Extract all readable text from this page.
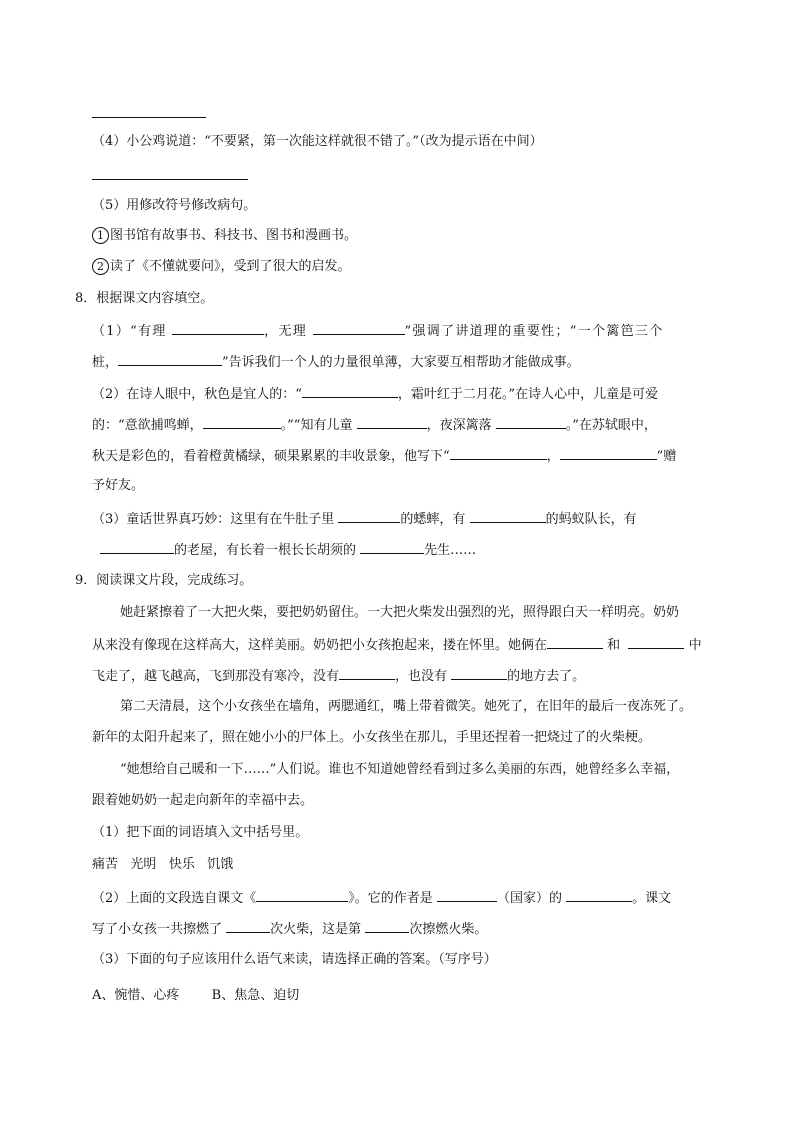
（4）小公鸡说道：“不要紧，第一次能这样就很不错了。”（改为提示语在中间）
（5）用修改符号修改病句。
1 图书馆有故事书、科技书、图书和漫画书。
2 读了《不懂就要问》，受到了很大的启发。
8．根据课文内容填空。
（1）“有理	，无理	”强调了讲道理的重要性；“一个篱笆三个
桩，	”告诉我们一个人的力量很单薄，大家要互相帮助才能做成事。
（2）在诗人眼中，秋色是宜人的：“	，霜叶红于二月花。”在诗人心中，儿童是可爱
的：“意欲捕鸣蝉，	。”“知有儿童	，夜深篱落	。”在苏轼眼中，
秋天是彩色的，看着橙黄橘绿，硕果累累的丰收景象，他写下“	，	”赠
予好友。
（3）童话世界真巧妙：这里有在牛肚子里	的蟋蟀，有	的蚂蚁队长，有
的老屋，有长着一根长长胡须的	先生……
9．阅读课文片段，完成练习。
她赶紧擦着了一大把火柴，要把奶奶留住。一大把火柴发出强烈的光，照得跟白天一样明亮。奶奶
从来没有像现在这样高大，这样美丽。奶奶把小女孩抱起来，搂在怀里。她俩在	和	中
飞走了，越飞越高，飞到那没有寒冷，没有	，也没有	的地方去了。
第二天清晨，这个小女孩坐在墙角，两腮通红，嘴上带着微笑。她死了，在旧年的最后一夜冻死了。
新年的太阳升起来了，照在她小小的尸体上。小女孩坐在那儿，手里还捏着一把烧过了的火柴梗。
“她想给自己暖和一下……”人们说。谁也不知道她曾经看到过多么美丽的东西，她曾经多么幸福，
跟着她奶奶一起走向新年的幸福中去。
（1）把下面的词语填入文中括号里。
痛苦 光明 快乐 饥饿
（2）上面的文段选自课文《	》。它的作者是	（国家）的	。课文
写了小女孩一共擦燃了	次火柴，这是第	次擦燃火柴。
（3）下面的句子应该用什么语气来读，请选择正确的答案。（写序号）
A、惋惜、心疼 B、焦急、迫切
